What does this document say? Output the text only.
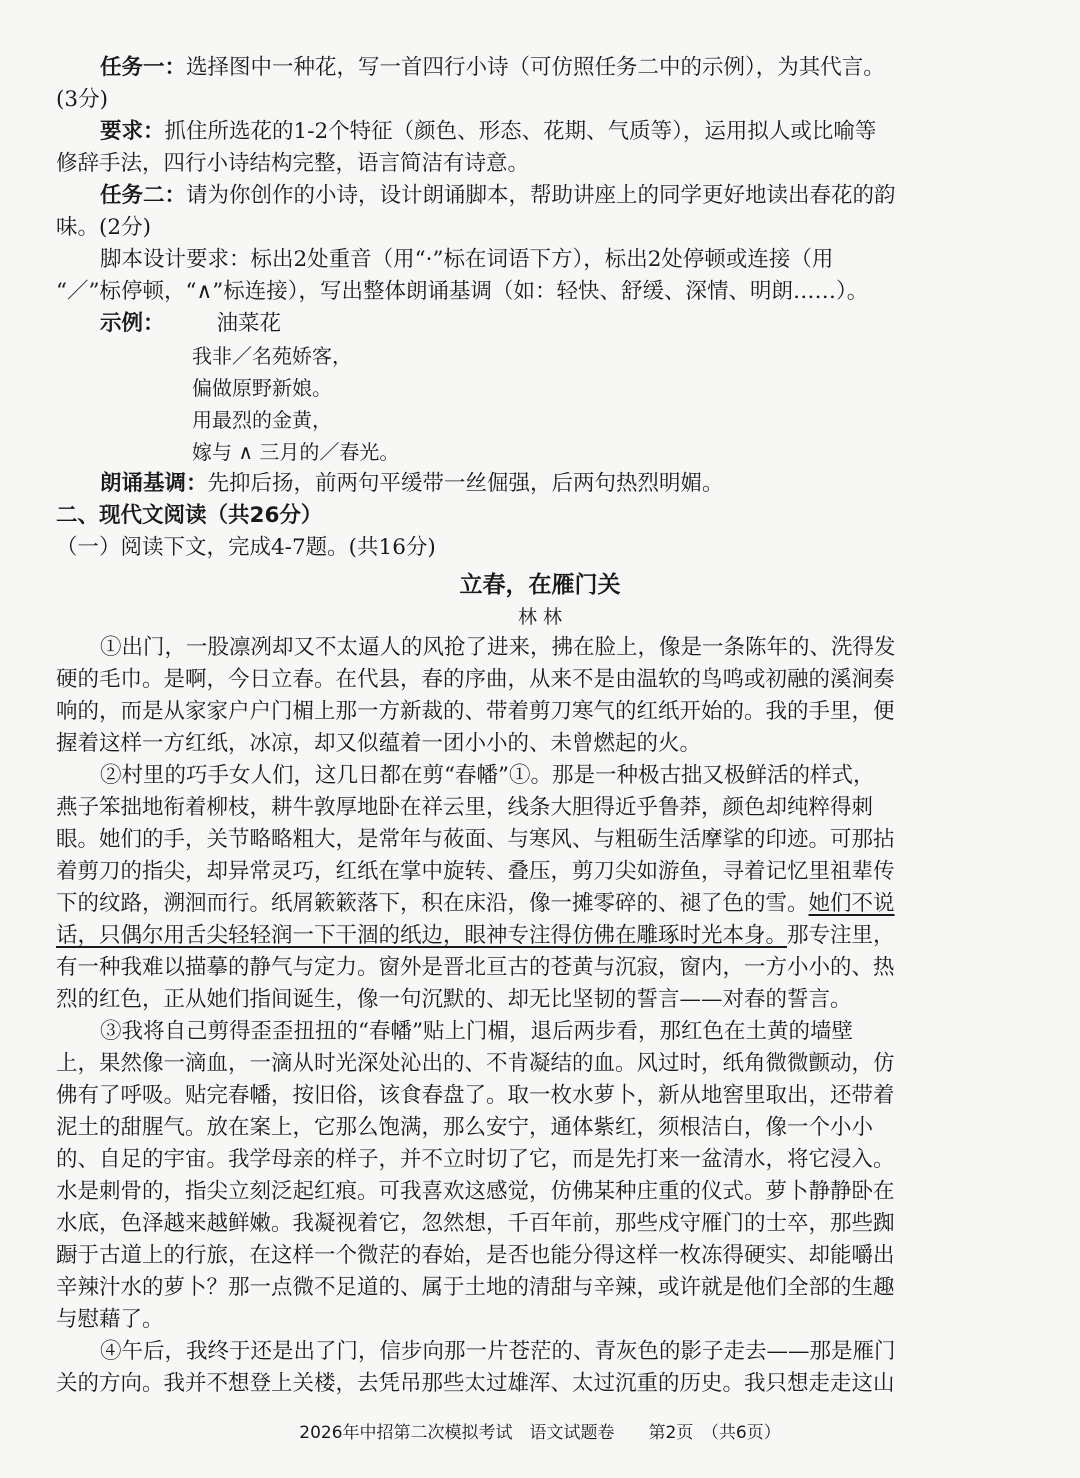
任务一：选择图中一种花，写一首四行小诗（可仿照任务二中的示例），为其代言。
(3分)
要求：抓住所选花的1-2个特征（颜色、形态、花期、气质等），运用拟人或比喻等
修辞手法，四行小诗结构完整，语言简洁有诗意。
任务二：请为你创作的小诗，设计朗诵脚本，帮助讲座上的同学更好地读出春花的韵
味。(2分)
脚本设计要求：标出2处重音（用“·”标在词语下方），标出2处停顿或连接（用
“／”标停顿，“∧”标连接），写出整体朗诵基调（如：轻快、舒缓、深情、明朗……）。
示例： 油菜花
我非／名苑娇客，
偏做原野新娘。
用最烈的金黄，
嫁与 ∧ 三月的／春光。
朗诵基调：先抑后扬，前两句平缓带一丝倔强，后两句热烈明媚。
二、现代文阅读（共26分）
（一）阅读下文，完成4-7题。(共16分)
立春，在雁门关
林 林
①出门，一股凛冽却又不太逼人的风抢了进来，拂在脸上，像是一条陈年的、洗得发
硬的毛巾。是啊，今日立春。在代县，春的序曲，从来不是由温软的鸟鸣或初融的溪涧奏
响的，而是从家家户户门楣上那一方新裁的、带着剪刀寒气的红纸开始的。我的手里，便
握着这样一方红纸，冰凉，却又似蕴着一团小小的、未曾燃起的火。
②村里的巧手女人们，这几日都在剪“春幡”①。那是一种极古拙又极鲜活的样式，
燕子笨拙地衔着柳枝，耕牛敦厚地卧在祥云里，线条大胆得近乎鲁莽，颜色却纯粹得刺
眼。她们的手，关节略略粗大，是常年与莜面、与寒风、与粗砺生活摩挲的印迹。可那拈
着剪刀的指尖，却异常灵巧，红纸在掌中旋转、叠压，剪刀尖如游鱼，寻着记忆里祖辈传
下的纹路，溯洄而行。纸屑簌簌落下，积在床沿，像一摊零碎的、褪了色的雪。她们不说
话，只偶尔用舌尖轻轻润一下干涸的纸边，眼神专注得仿佛在雕琢时光本身。那专注里，
有一种我难以描摹的静气与定力。窗外是晋北亘古的苍黄与沉寂，窗内，一方小小的、热
烈的红色，正从她们指间诞生，像一句沉默的、却无比坚韧的誓言——对春的誓言。
③我将自己剪得歪歪扭扭的“春幡”贴上门楣，退后两步看，那红色在土黄的墙壁
上，果然像一滴血，一滴从时光深处沁出的、不肯凝结的血。风过时，纸角微微颤动，仿
佛有了呼吸。贴完春幡，按旧俗，该食春盘了。取一枚水萝卜，新从地窖里取出，还带着
泥土的甜腥气。放在案上，它那么饱满，那么安宁，通体紫红，须根洁白，像一个小小
的、自足的宇宙。我学母亲的样子，并不立时切了它，而是先打来一盆清水，将它浸入。
水是刺骨的，指尖立刻泛起红痕。可我喜欢这感觉，仿佛某种庄重的仪式。萝卜静静卧在
水底，色泽越来越鲜嫩。我凝视着它，忽然想，千百年前，那些戍守雁门的士卒，那些踟
蹰于古道上的行旅，在这样一个微茫的春始，是否也能分得这样一枚冻得硬实、却能嚼出
辛辣汁水的萝卜？那一点微不足道的、属于土地的清甜与辛辣，或许就是他们全部的生趣
与慰藉了。
④午后，我终于还是出了门，信步向那一片苍茫的、青灰色的影子走去——那是雁门
关的方向。我并不想登上关楼，去凭吊那些太过雄浑、太过沉重的历史。我只想走走这山
2026年中招第二次模拟考试　语文试题卷　　第2页　（共6页）
